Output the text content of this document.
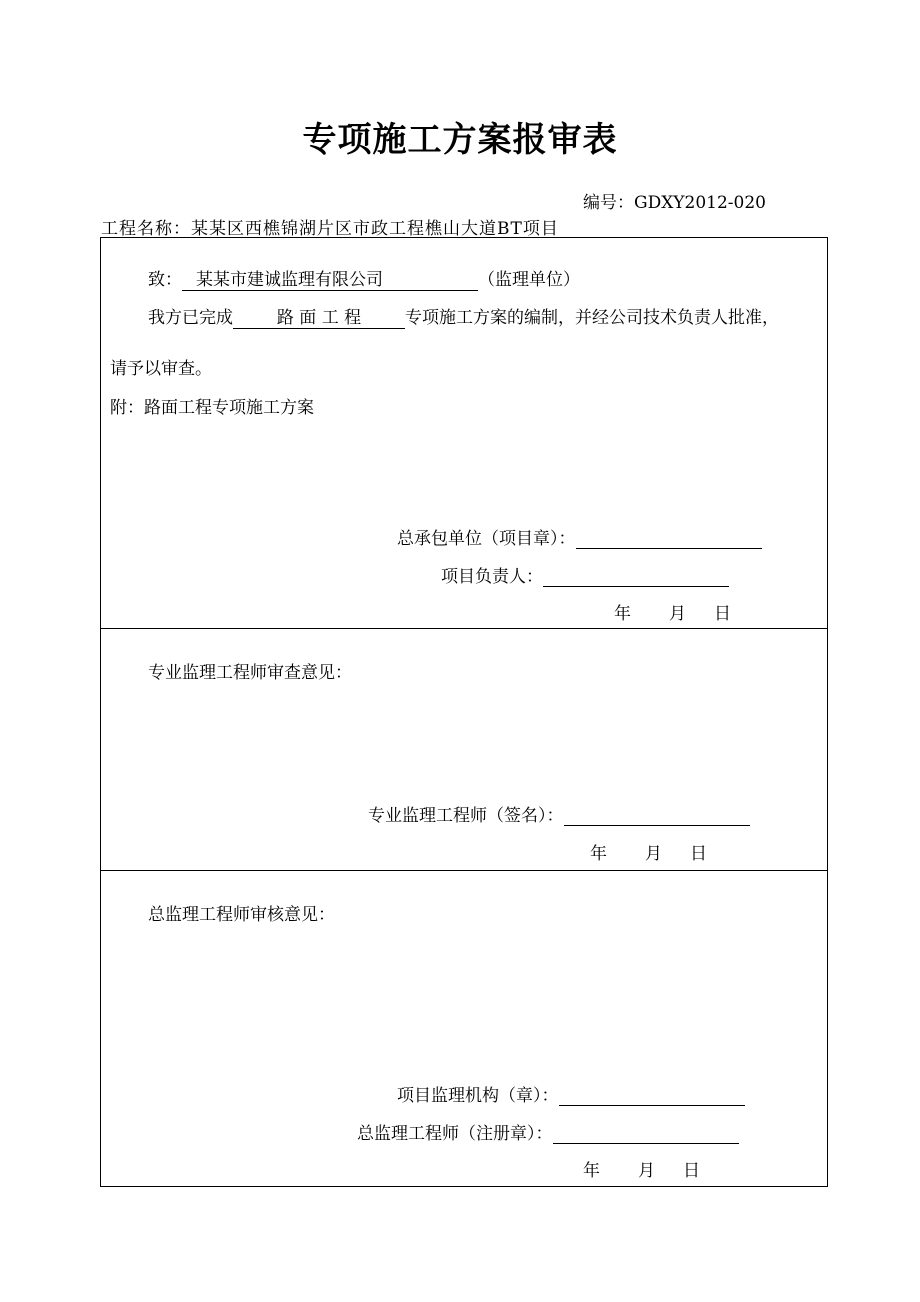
专项施工方案报审表
编号：GDXY2012-020
工程名称：某某区西樵锦湖片区市政工程樵山大道BT项目
致： 某某市建诚监理有限公司	（监理单位）
我方已完成	路 面 工 程	专项施工方案的编制，并经公司技术负责人批准，
请予以审查。
附：路面工程专项施工方案
总承包单位（项目章）：
项目负责人：
年 月 日
专业监理工程师审查意见：
专业监理工程师（签名）：
年 月 日
总监理工程师审核意见：
项目监理机构（章）：
总监理工程师（注册章）：
年 月 日
